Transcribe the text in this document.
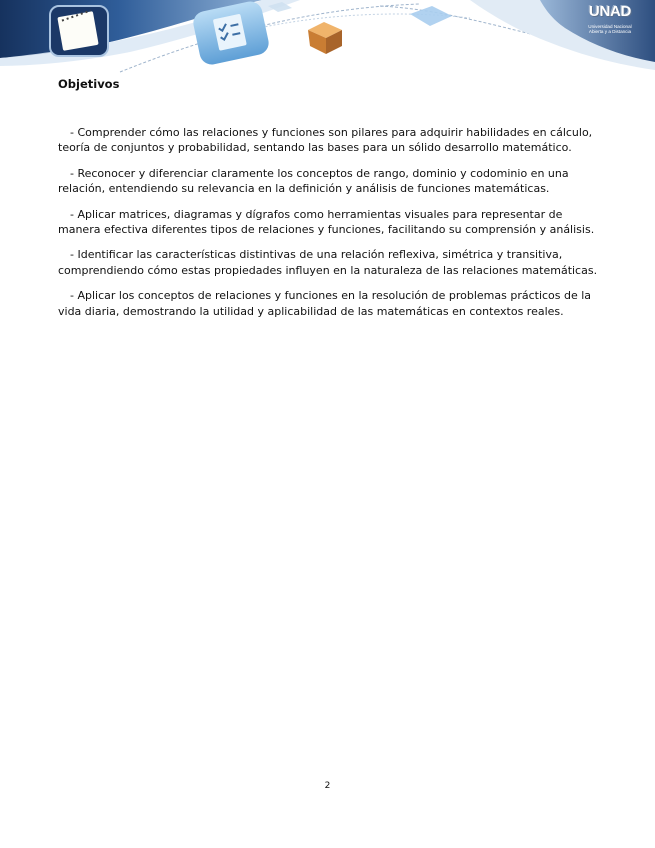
UNAD
Universidad Nacional
Abierta y a Distancia
Objetivos
- Comprender cómo las relaciones y funciones son pilares para adquirir habilidades en cálculo, teoría de conjuntos y probabilidad, sentando las bases para un sólido desarrollo matemático.
- Reconocer y diferenciar claramente los conceptos de rango, dominio y codominio en una relación, entendiendo su relevancia en la definición y análisis de funciones matemáticas.
- Aplicar matrices, diagramas y dígrafos como herramientas visuales para representar de manera efectiva diferentes tipos de relaciones y funciones, facilitando su comprensión y análisis.
- Identificar las características distintivas de una relación reflexiva, simétrica y transitiva, comprendiendo cómo estas propiedades influyen en la naturaleza de las relaciones matemáticas.
- Aplicar los conceptos de relaciones y funciones en la resolución de problemas prácticos de la vida diaria, demostrando la utilidad y aplicabilidad de las matemáticas en contextos reales.
2
